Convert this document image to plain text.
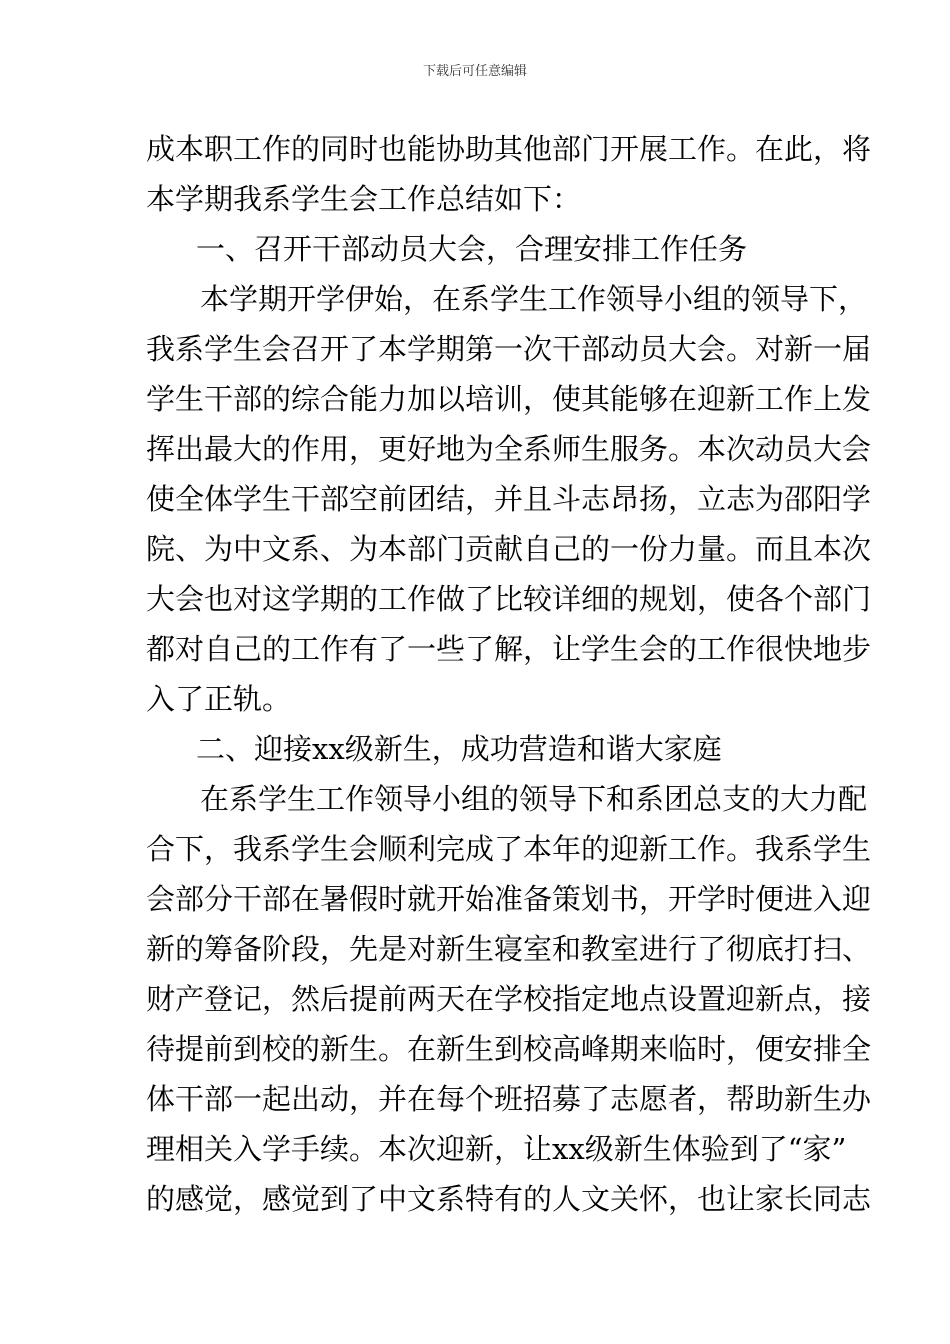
下载后可任意编辑
成本职工作的同时也能协助其他部门开展工作。在此，将
本学期我系学生会工作总结如下：
一、召开干部动员大会，合理安排工作任务
本学期开学伊始，在系学生工作领导小组的领导下，
我系学生会召开了本学期第一次干部动员大会。对新一届
学生干部的综合能力加以培训，使其能够在迎新工作上发
挥出最大的作用，更好地为全系师生服务。本次动员大会
使全体学生干部空前团结，并且斗志昂扬，立志为邵阳学
院、为中文系、为本部门贡献自己的一份力量。而且本次
大会也对这学期的工作做了比较详细的规划，使各个部门
都对自己的工作有了一些了解，让学生会的工作很快地步
入了正轨。
二、迎接xx级新生，成功营造和谐大家庭
在系学生工作领导小组的领导下和系团总支的大力配
合下，我系学生会顺利完成了本年的迎新工作。我系学生
会部分干部在暑假时就开始准备策划书，开学时便进入迎
新的筹备阶段，先是对新生寝室和教室进行了彻底打扫、
财产登记，然后提前两天在学校指定地点设置迎新点，接
待提前到校的新生。在新生到校高峰期来临时，便安排全
体干部一起出动，并在每个班招募了志愿者，帮助新生办
理相关入学手续。本次迎新，让xx级新生体验到了“家”
的感觉，感觉到了中文系特有的人文关怀，也让家长同志
